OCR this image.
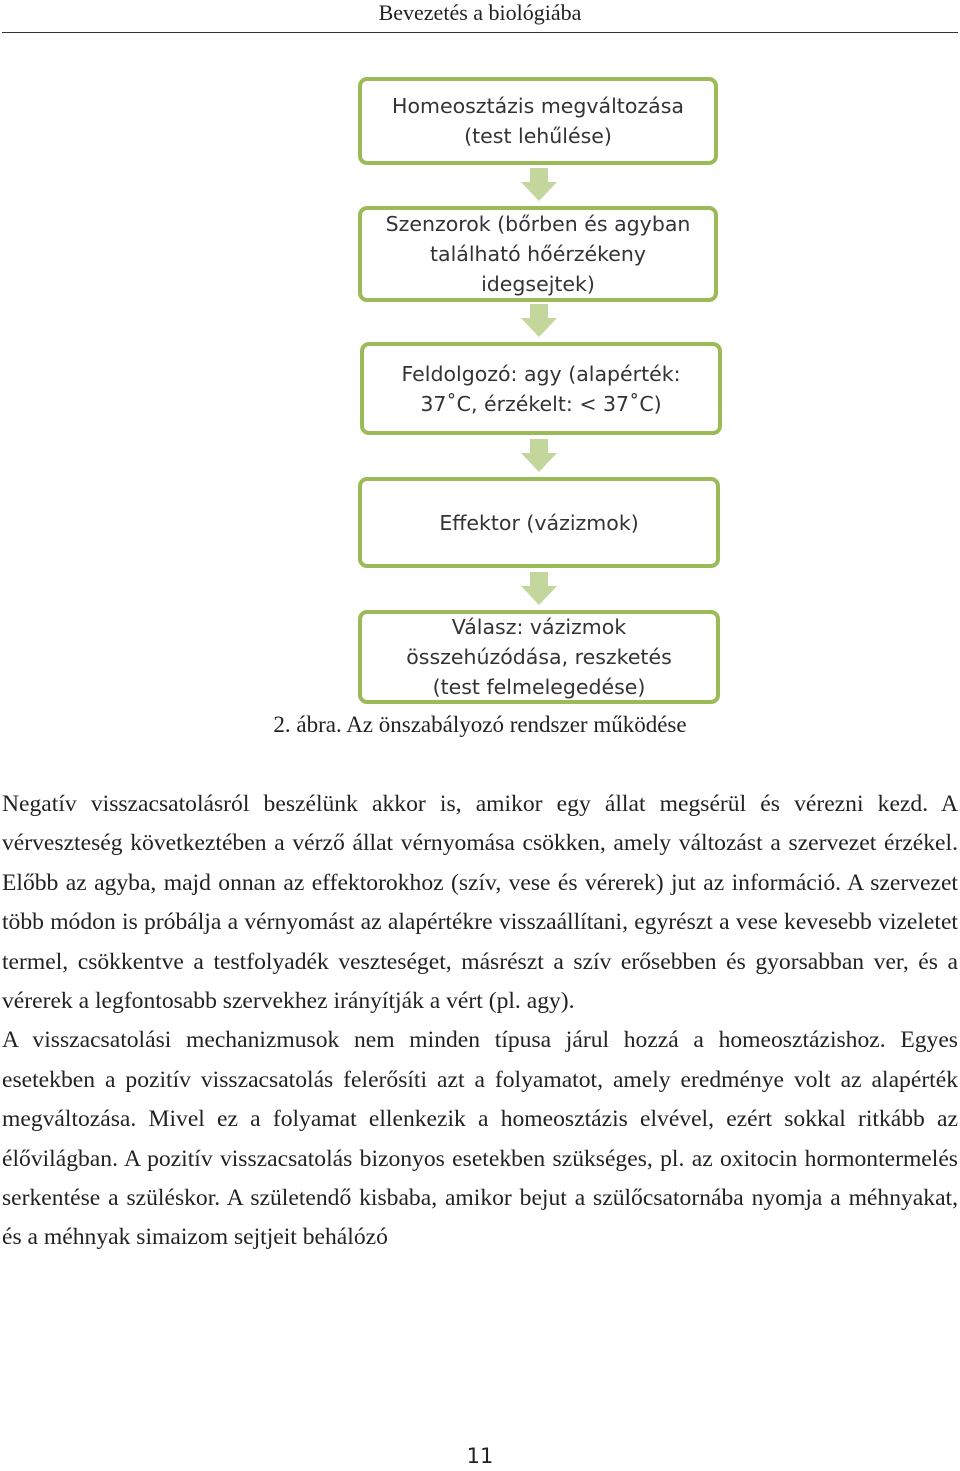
Bevezetés a biológiába
Homeosztázis megváltozása
(test lehűlése)
Szenzorok (bőrben és agyban
található hőérzékeny
idegsejtek)
Feldolgozó: agy (alapérték:
37˚C, érzékelt: < 37˚C)
Effektor (vázizmok)
Válasz: vázizmok
összehúzódása, reszketés
(test felmelegedése)
2. ábra. Az önszabályozó rendszer működése

Negatív visszacsatolásról beszélünk akkor is, amikor egy állat megsérül és vérezni kezd. A vérveszteség következtében a vérző állat vérnyomása csökken, amely változást a szervezet érzékel. Előbb az agyba, majd onnan az effektorokhoz (szív, vese és vérerek) jut az információ. A szervezet több módon is próbálja a vérnyomást az alapértékre visszaállítani, egyrészt a vese kevesebb vizeletet termel, csökkentve a testfolyadék veszteséget, másrészt a szív erősebben és gyorsabban ver, és a vérerek a legfontosabb szervekhez irányítják a vért (pl. agy).

A visszacsatolási mechanizmusok nem minden típusa járul hozzá a homeosztázishoz. Egyes esetekben a pozitív visszacsatolás felerősíti azt a folyamatot, amely eredménye volt az alapérték megváltozása. Mivel ez a folyamat ellenkezik a homeosztázis elvével, ezért sokkal ritkább az élővilágban. A pozitív visszacsatolás bizonyos esetekben szükséges, pl. az oxitocin hormontermelés serkentése a szüléskor. A születendő kisbaba, amikor bejut a szülőcsatornába nyomja a méhnyakat, és a méhnyak simaizom sejtjeit behálózó

11
